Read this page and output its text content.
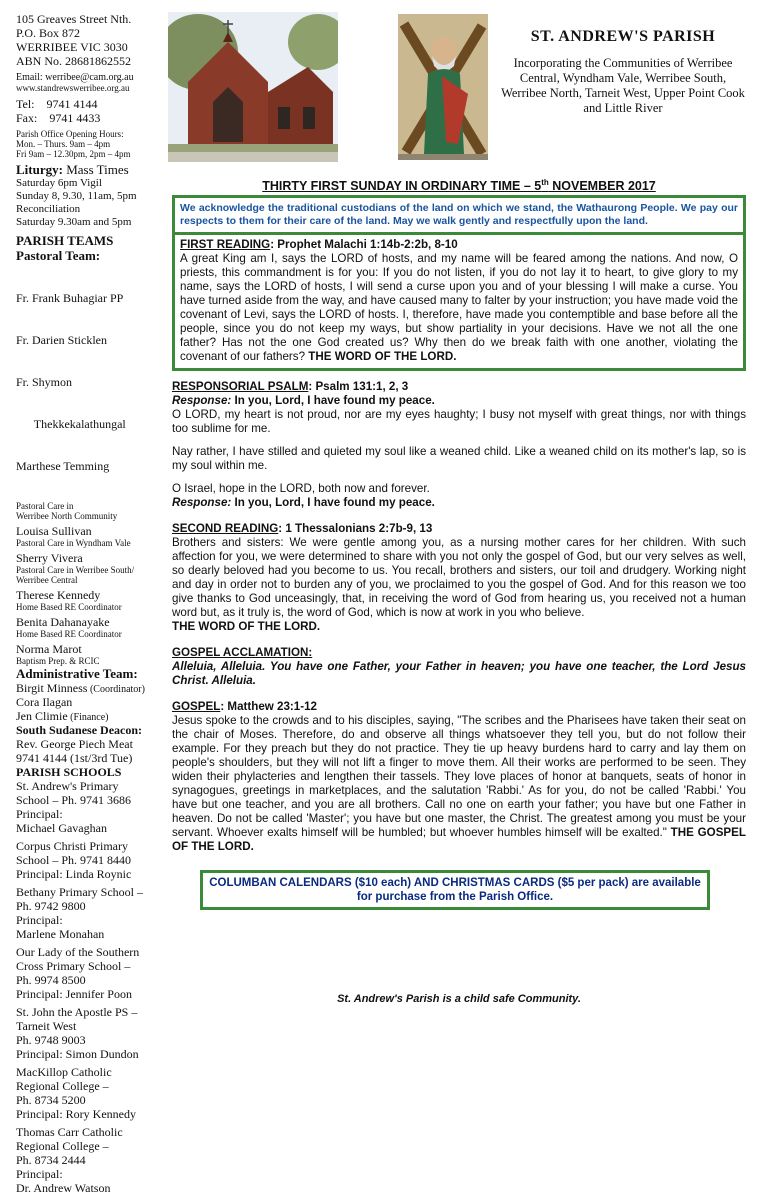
105 Greaves Street Nth.
P.O. Box 872
WERRIBEE VIC 3030
ABN No. 28681862552
Email: werribee@cam.org.au
www.standrewswerribee.org.au
Tel:    9741 4144
Fax:    9741 4433
Parish Office Opening Hours:
Mon. – Thurs. 9am – 4pm
Fri 9am – 12.30pm, 2pm – 4pm
Liturgy: Mass Times
Saturday 6pm Vigil
Sunday 8, 9.30, 11am, 5pm
Reconciliation
Saturday 9.30am and 5pm
PARISH TEAMS
Pastoral Team:

Fr. Frank Buhagiar PP

Fr. Darien Sticklen

Fr. Shymon

Thekkekalathungal

Marthese Temming

Pastoral Care in
Werribee North Community
Louisa Sullivan
Pastoral Care in Wyndham Vale
Sherry Vivera
Pastoral Care in Werribee South/
Werribee Central
Therese Kennedy
Home Based RE Coordinator
Benita Dahanayake
Home Based RE Coordinator
Norma Marot
Baptism Prep. & RCIC
Administrative Team:
Birgit Minness (Coordinator)
Cora Ilagan
Jen Climie (Finance)
South Sudanese Deacon:
Rev. George Piech Meat
9741 4144 (1st/3rd Tue)
PARISH SCHOOLS
St. Andrew's Primary
School – Ph. 9741 3686
Principal:
Michael Gavaghan
Corpus Christi Primary
School – Ph. 9741 8440
Principal: Linda Roynic
Bethany Primary School –
Ph. 9742 9800
Principal:
Marlene Monahan
Our Lady of the Southern
Cross Primary School –
Ph. 9974 8500
Principal: Jennifer Poon
St. John the Apostle PS –
Tarneit West
Ph. 9748 9003
Principal: Simon Dundon
MacKillop Catholic
Regional College –
Ph. 8734 5200
Principal: Rory Kennedy
Thomas Carr Catholic
Regional College –
Ph. 8734 2444
Principal:
Dr. Andrew Watson
ST. ANDREW'S PARISH
Incorporating the Communities of Werribee Central, Wyndham Vale, Werribee South, Werribee North, Tarneit West, Upper Point Cook and Little River
THIRTY FIRST SUNDAY IN ORDINARY TIME – 5th NOVEMBER 2017

We acknowledge the traditional custodians of the land on which we stand, the Wathaurong People. We pay our respects to them for their care of the land. May we walk gently and respectfully upon the land.

FIRST READING: Prophet Malachi 1:14b-2:2b, 8-10

A great King am I, says the LORD of hosts, and my name will be feared among the nations. And now, O priests, this commandment is for you: If you do not listen, if you do not lay it to heart, to give glory to my name, says the LORD of hosts, I will send a curse upon you and of your blessing I will make a curse. You have turned aside from the way, and have caused many to falter by your instruction; you have made void the covenant of Levi, says the LORD of hosts. I, therefore, have made you contemptible and base before all the people, since you do not keep my ways, but show partiality in your decisions. Have we not all the one father? Has not the one God created us? Why then do we break faith with one another, violating the covenant of our fathers? THE WORD OF THE LORD.

RESPONSORIAL PSALM: Psalm 131:1, 2, 3
Response: In you, Lord, I have found my peace.

O LORD, my heart is not proud, nor are my eyes haughty; I busy not myself with great things, nor with things too sublime for me.

Nay rather, I have stilled and quieted my soul like a weaned child. Like a weaned child on its mother's lap, so is my soul within me.

O Israel, hope in the LORD, both now and forever.

Response: In you, Lord, I have found my peace.
SECOND READING: 1 Thessalonians 2:7b-9, 13

Brothers and sisters: We were gentle among you, as a nursing mother cares for her children. With such affection for you, we were determined to share with you not only the gospel of God, but our very selves as well, so dearly beloved had you become to us. You recall, brothers and sisters, our toil and drudgery. Working night and day in order not to burden any of you, we proclaimed to you the gospel of God. And for this reason we too give thanks to God unceasingly, that, in receiving the word of God from hearing us, you received not a human word but, as it truly is, the word of God, which is now at work in you who believe.

THE WORD OF THE LORD.
GOSPEL ACCLAMATION:

Alleluia, Alleluia. You have one Father, your Father in heaven; you have one teacher, the Lord Jesus Christ. Alleluia.

GOSPEL: Matthew 23:1-12

Jesus spoke to the crowds and to his disciples, saying, "The scribes and the Pharisees have taken their seat on the chair of Moses. Therefore, do and observe all things whatsoever they tell you, but do not follow their example. For they preach but they do not practice. They tie up heavy burdens hard to carry and lay them on people's shoulders, but they will not lift a finger to move them. All their works are performed to be seen. They widen their phylacteries and lengthen their tassels. They love places of honor at banquets, seats of honor in synagogues, greetings in marketplaces, and the salutation 'Rabbi.' As for you, do not be called 'Rabbi.' You have but one teacher, and you are all brothers. Call no one on earth your father; you have but one Father in heaven. Do not be called 'Master'; you have but one master, the Christ. The greatest among you must be your servant. Whoever exalts himself will be humbled; but whoever humbles himself will be exalted." THE GOSPEL OF THE LORD.

COLUMBAN CALENDARS ($10 each) AND CHRISTMAS CARDS ($5 per pack) are available for purchase from the Parish Office.
St. Andrew's Parish is a child safe Community.
